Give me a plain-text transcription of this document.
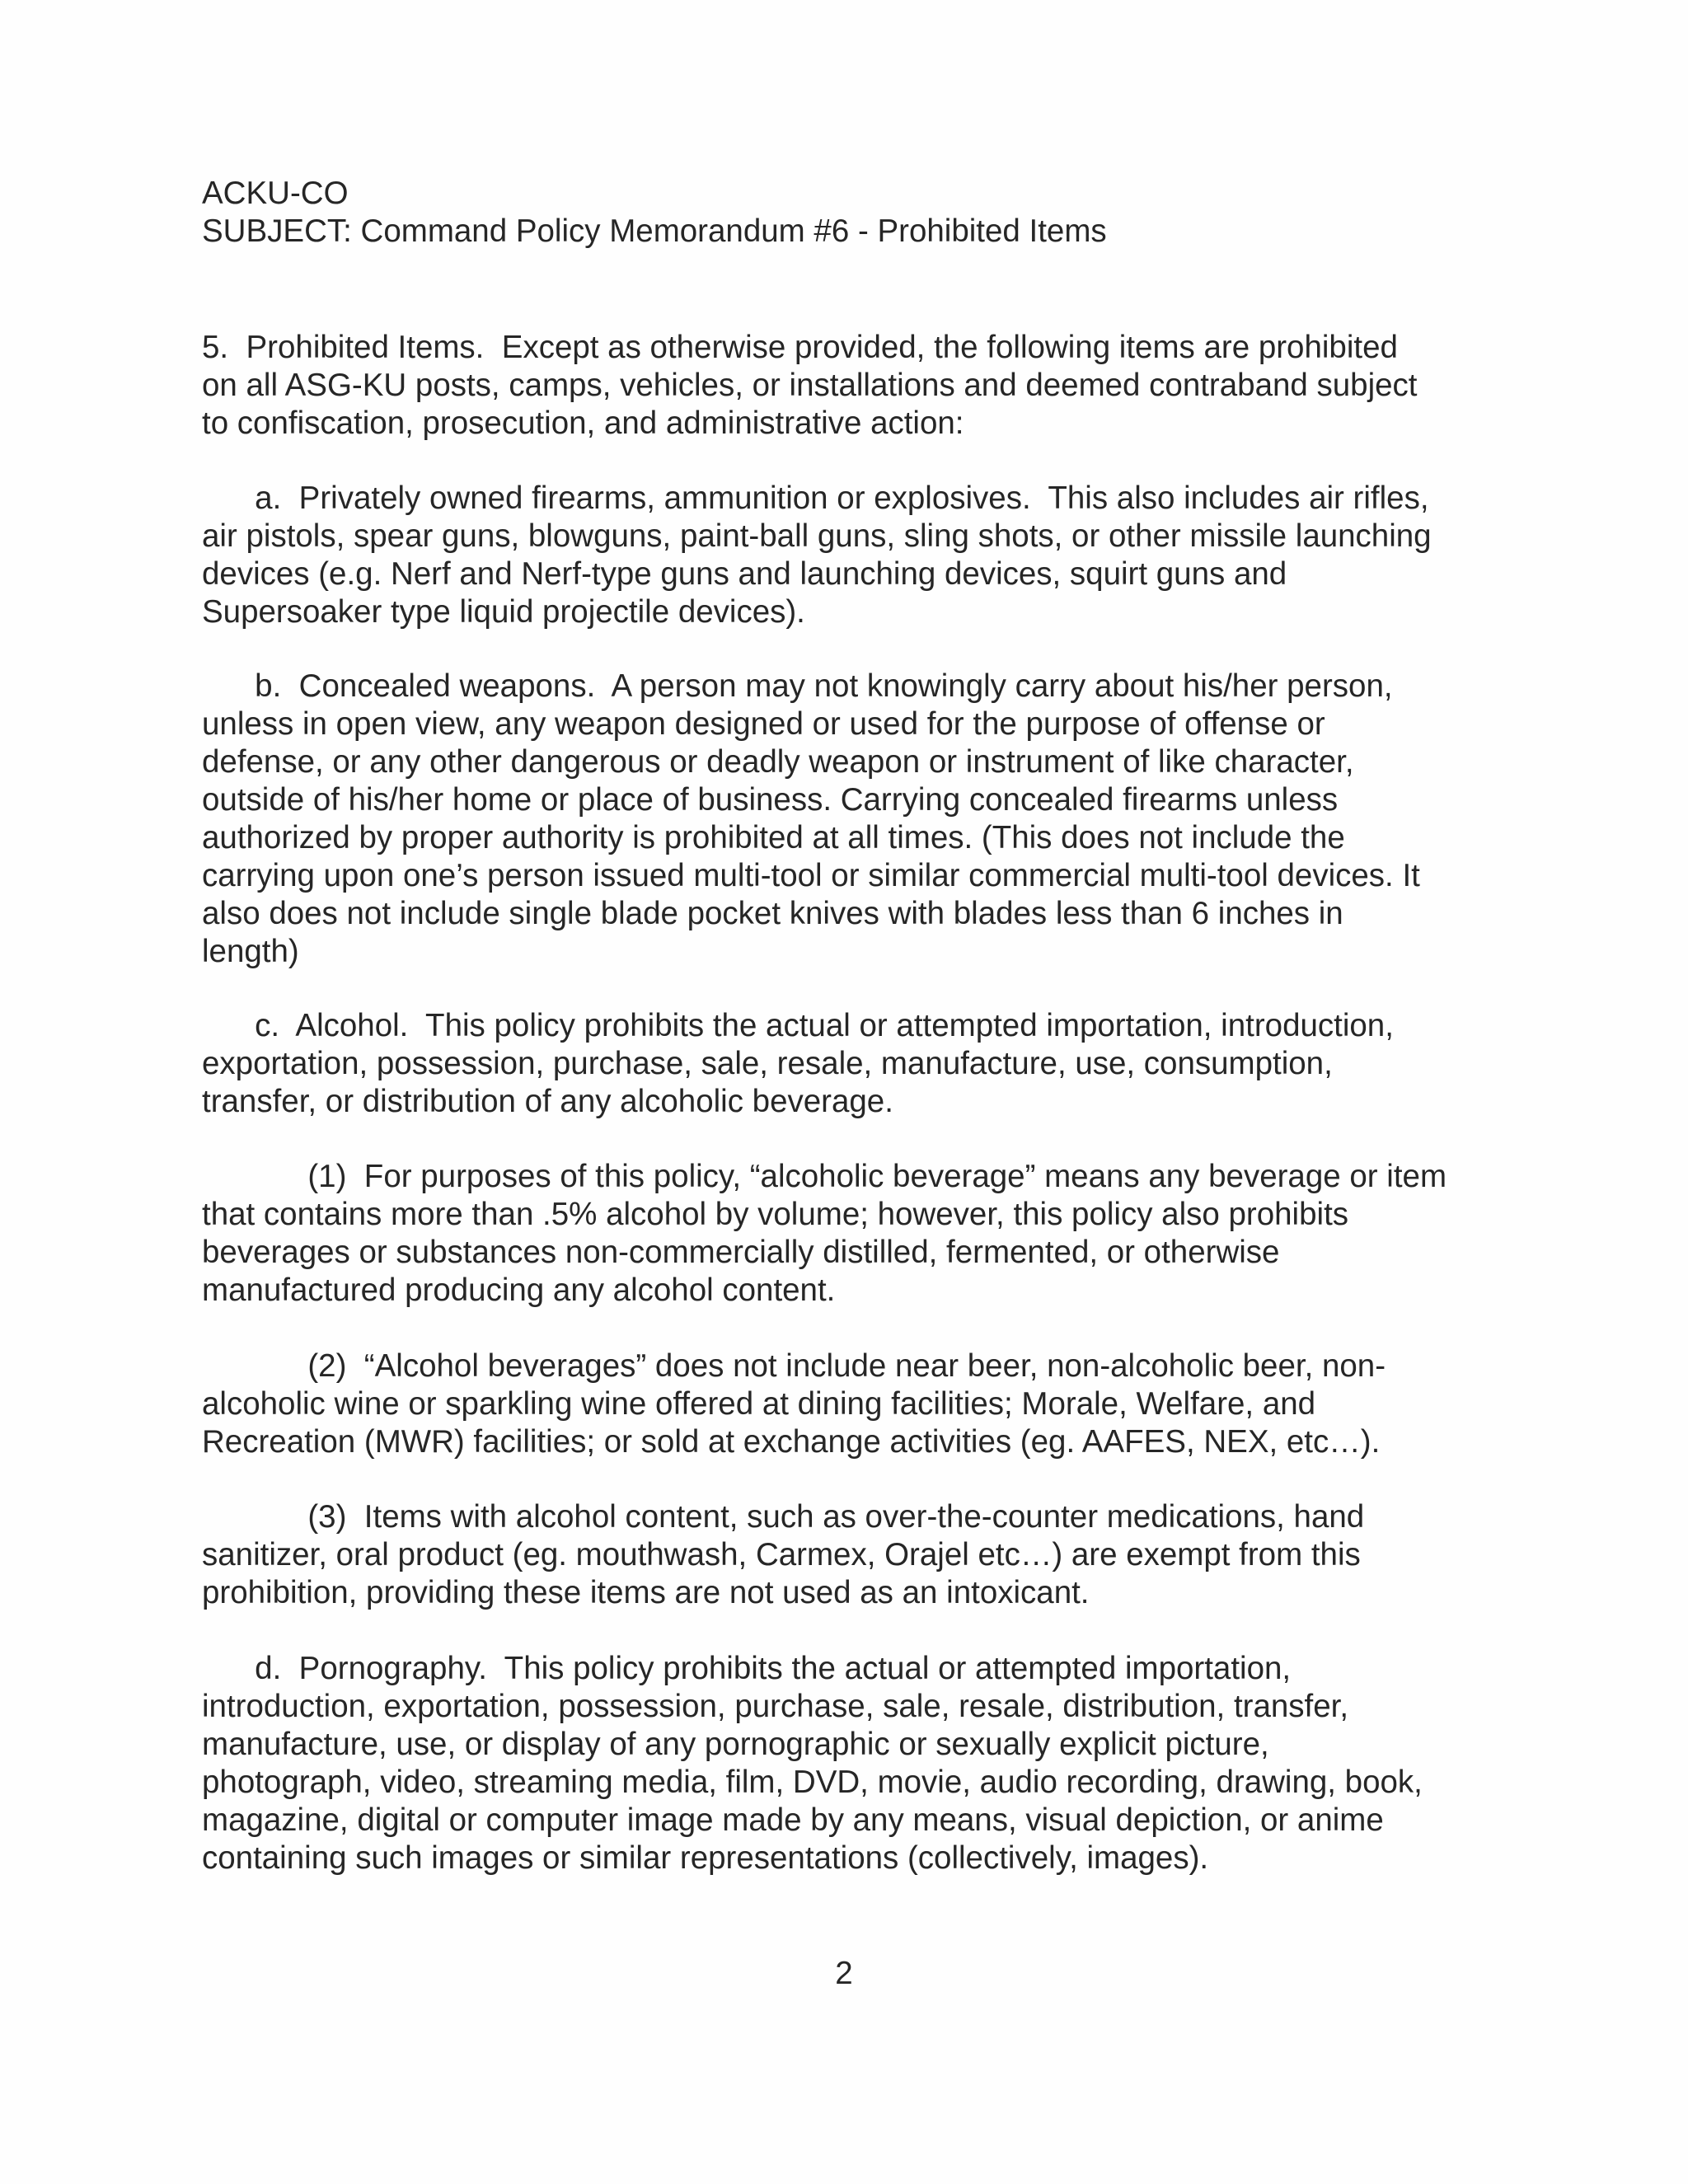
ACKU-CO
SUBJECT: Command Policy Memorandum #6 - Prohibited Items
5.  Prohibited Items.  Except as otherwise provided, the following items are prohibited
on all ASG-KU posts, camps, vehicles, or installations and deemed contraband subject
to confiscation, prosecution, and administrative action:
a.  Privately owned firearms, ammunition or explosives.  This also includes air rifles,
air pistols, spear guns, blowguns, paint-ball guns, sling shots, or other missile launching
devices (e.g. Nerf and Nerf-type guns and launching devices, squirt guns and
Supersoaker type liquid projectile devices).
b.  Concealed weapons.  A person may not knowingly carry about his/her person,
unless in open view, any weapon designed or used for the purpose of offense or
defense, or any other dangerous or deadly weapon or instrument of like character,
outside of his/her home or place of business. Carrying concealed firearms unless
authorized by proper authority is prohibited at all times. (This does not include the
carrying upon one’s person issued multi-tool or similar commercial multi-tool devices. It
also does not include single blade pocket knives with blades less than 6 inches in
length)
c.  Alcohol.  This policy prohibits the actual or attempted importation, introduction,
exportation, possession, purchase, sale, resale, manufacture, use, consumption,
transfer, or distribution of any alcoholic beverage.
(1)  For purposes of this policy, “alcoholic beverage” means any beverage or item
that contains more than .5% alcohol by volume; however, this policy also prohibits
beverages or substances non-commercially distilled, fermented, or otherwise
manufactured producing any alcohol content.
(2)  “Alcohol beverages” does not include near beer, non-alcoholic beer, non-
alcoholic wine or sparkling wine offered at dining facilities; Morale, Welfare, and
Recreation (MWR) facilities; or sold at exchange activities (eg. AAFES, NEX, etc…).
(3)  Items with alcohol content, such as over-the-counter medications, hand
sanitizer, oral product (eg. mouthwash, Carmex, Orajel etc…) are exempt from this
prohibition, providing these items are not used as an intoxicant.
d.  Pornography.  This policy prohibits the actual or attempted importation,
introduction, exportation, possession, purchase, sale, resale, distribution, transfer,
manufacture, use, or display of any pornographic or sexually explicit picture,
photograph, video, streaming media, film, DVD, movie, audio recording, drawing, book,
magazine, digital or computer image made by any means, visual depiction, or anime
containing such images or similar representations (collectively, images).
2
